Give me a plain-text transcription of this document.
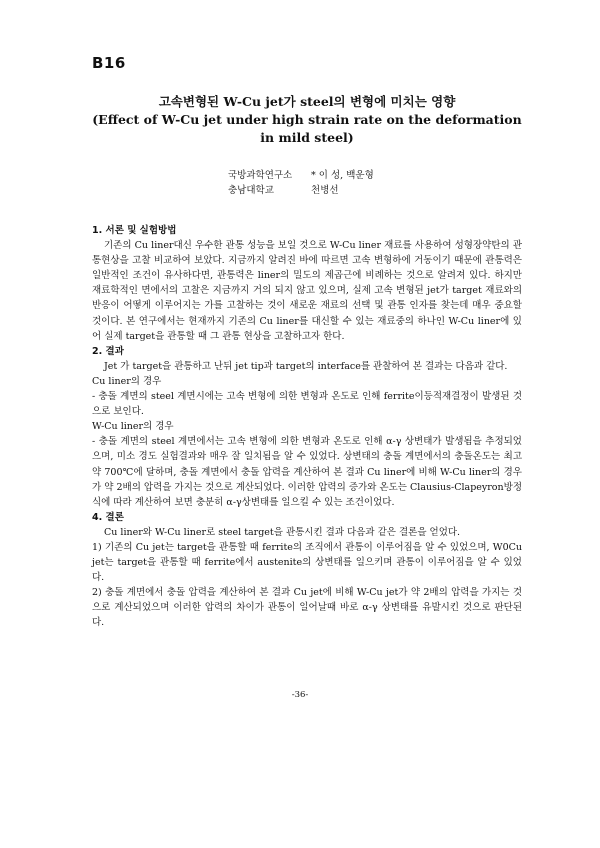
B16
고속변형된 W-Cu jet가 steel의 변형에 미치는 영향
(Effect of W-Cu jet under high strain rate on the deformation in mild steel)
국방과학연구소 * 이 성, 백운형
충남대학교	천병선

1. 서론 및 실험방법

기존의 Cu liner대신 우수한 관통 성능을 보일 것으로 W-Cu liner 재료를 사용하여 성형장약탄의 관통현상을 고찰 비교하여 보았다. 지금까지 알려진 바에 따르면 고속 변형하에 거동이기 때문에 관통력은 일반적인 조건이 유사하다면, 관통력은 liner의 밀도의 제곱근에 비례하는 것으로 알려져 있다. 하지만 재료학적인 면에서의 고찰은 지금까지 거의 되지 않고 있으며, 실제 고속 변형된 jet가 target 재료와의 반응이 어떻게 이루어지는 가를 고찰하는 것이 새로운 재료의 선택 및 관통 인자를 찾는데 매우 중요할 것이다. 본 연구에서는 현재까지 기존의 Cu liner를 대신할 수 있는 재료중의 하나인 W-Cu liner에 있어 실제 target을 관통할 때 그 관통 현상을 고찰하고자 한다.

2. 결과

Jet 가 target을 관통하고 난뒤 jet tip과 target의 interface를 관찰하여 본 결과는 다음과 같다.

Cu liner의 경우

- 충돌 계면의 steel 계면시에는 고속 변형에 의한 변형과 온도로 인해 ferrite이등적재결정이 발생된 것으로 보인다.

W-Cu liner의 경우

- 충돌 계면의 steel 계면에서는 고속 변형에 의한 변형과 온도로 인해 α-γ 상변태가 발생됨을 추정되었으며, 미소 경도 실험결과와 매우 잘 일치됨을 알 수 있었다. 상변태의 충돌 계면에서의 충돌온도는 최고 약 700℃에 달하며, 충돌 계면에서 충돌 압력을 계산하여 본 결과 Cu liner에 비해 W-Cu liner의 경우가 약 2배의 압력을 가지는 것으로 계산되었다. 이러한 압력의 증가와 온도는 Clausius-Clapeyron방정식에 따라 계산하여 보면 충분히 α-γ상변태를 일으킬 수 있는 조건이었다.

4. 결론

Cu liner와 W-Cu liner로 steel target을 관통시킨 결과 다음과 같은 결론을 얻었다.

1) 기존의 Cu jet는 target을 관통할 때 ferrite의 조직에서 관통이 이루어짐을 알 수 있었으며, W0Cu jet는 target을 관통할 때 ferrite에서 austenite의 상변태를 일으키며 관통이 이루어짐을 알 수 있었다.

2) 충돌 계면에서 충돌 압력을 계산하여 본 결과 Cu jet에 비해 W-Cu jet가 약 2배의 압력을 가지는 것으로 계산되었으며 이러한 압력의 차이가 관통이 일어날때 바로 α-γ 상변태를 유발시킨 것으로 판단된다.

-36-
